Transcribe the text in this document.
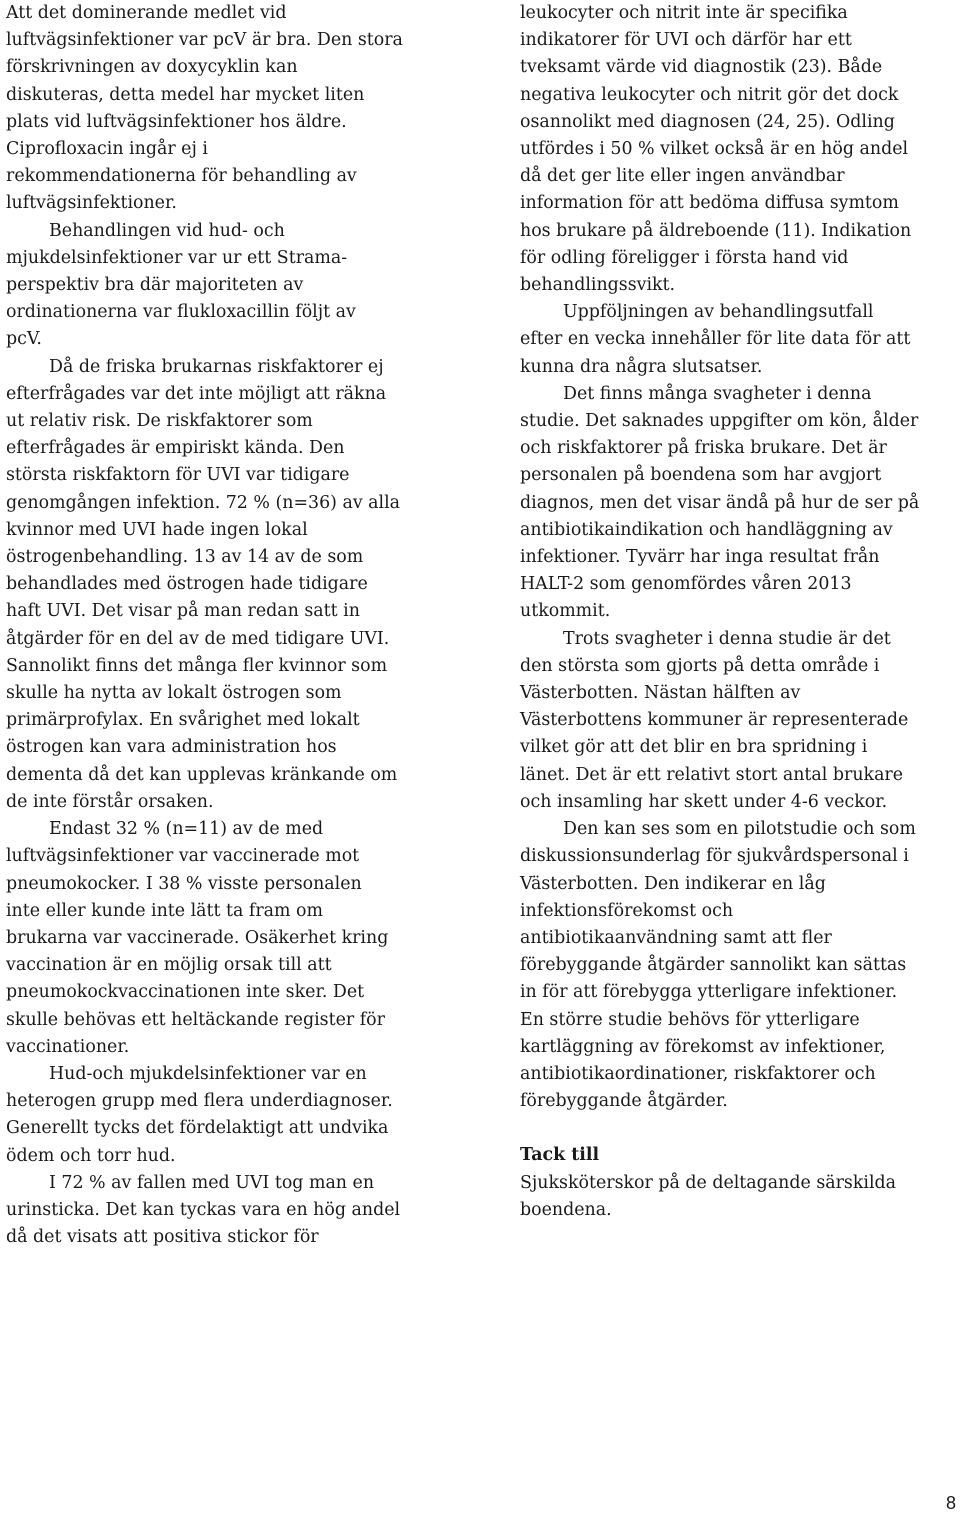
Att det dominerande medlet vid
luftvägsinfektioner var pcV är bra. Den stora
förskrivningen av doxycyklin kan
diskuteras, detta medel har mycket liten
plats vid luftvägsinfektioner hos äldre.
Ciprofloxacin ingår ej i
rekommendationerna för behandling av
luftvägsinfektioner.

Behandlingen vid hud- och
mjukdelsinfektioner var ur ett Strama-
perspektiv bra där majoriteten av
ordinationerna var flukloxacillin följt av
pcV.

Då de friska brukarnas riskfaktorer ej
efterfrågades var det inte möjligt att räkna
ut relativ risk. De riskfaktorer som
efterfrågades är empiriskt kända. Den
största riskfaktorn för UVI var tidigare
genomgången infektion. 72 % (n=36) av alla
kvinnor med UVI hade ingen lokal
östrogenbehandling. 13 av 14 av de som
behandlades med östrogen hade tidigare
haft UVI. Det visar på man redan satt in
åtgärder för en del av de med tidigare UVI.
Sannolikt finns det många fler kvinnor som
skulle ha nytta av lokalt östrogen som
primärprofylax. En svårighet med lokalt
östrogen kan vara administration hos
dementa då det kan upplevas kränkande om
de inte förstår orsaken.

Endast 32 % (n=11) av de med
luftvägsinfektioner var vaccinerade mot
pneumokocker. I 38 % visste personalen
inte eller kunde inte lätt ta fram om
brukarna var vaccinerade. Osäkerhet kring
vaccination är en möjlig orsak till att
pneumokockvaccinationen inte sker. Det
skulle behövas ett heltäckande register för
vaccinationer.

Hud-och mjukdelsinfektioner var en
heterogen grupp med flera underdiagnoser.
Generellt tycks det fördelaktigt att undvika
ödem och torr hud.

I 72 % av fallen med UVI tog man en
urinsticka. Det kan tyckas vara en hög andel
då det visats att positiva stickor för

leukocyter och nitrit inte är specifika
indikatorer för UVI och därför har ett
tveksamt värde vid diagnostik (23). Både
negativa leukocyter och nitrit gör det dock
osannolikt med diagnosen (24, 25). Odling
utfördes i 50 % vilket också är en hög andel
då det ger lite eller ingen användbar
information för att bedöma diffusa symtom
hos brukare på äldreboende (11). Indikation
för odling föreligger i första hand vid
behandlingssvikt.

Uppföljningen av behandlingsutfall
efter en vecka innehåller för lite data för att
kunna dra några slutsatser.

Det finns många svagheter i denna
studie. Det saknades uppgifter om kön, ålder
och riskfaktorer på friska brukare. Det är
personalen på boendena som har avgjort
diagnos, men det visar ändå på hur de ser på
antibiotikaindikation och handläggning av
infektioner. Tyvärr har inga resultat från
HALT-2 som genomfördes våren 2013
utkommit.

Trots svagheter i denna studie är det
den största som gjorts på detta område i
Västerbotten. Nästan hälften av
Västerbottens kommuner är representerade
vilket gör att det blir en bra spridning i
länet. Det är ett relativt stort antal brukare
och insamling har skett under 4-6 veckor.

Den kan ses som en pilotstudie och som
diskussionsunderlag för sjukvårdspersonal i
Västerbotten. Den indikerar en låg
infektionsförekomst och
antibiotikaanvändning samt att fler
förebyggande åtgärder sannolikt kan sättas
in för att förebygga ytterligare infektioner.
En större studie behövs för ytterligare
kartläggning av förekomst av infektioner,
antibiotikaordinationer, riskfaktorer och
förebyggande åtgärder.

Tack till

Sjuksköterskor på de deltagande särskilda
boendena.

8
